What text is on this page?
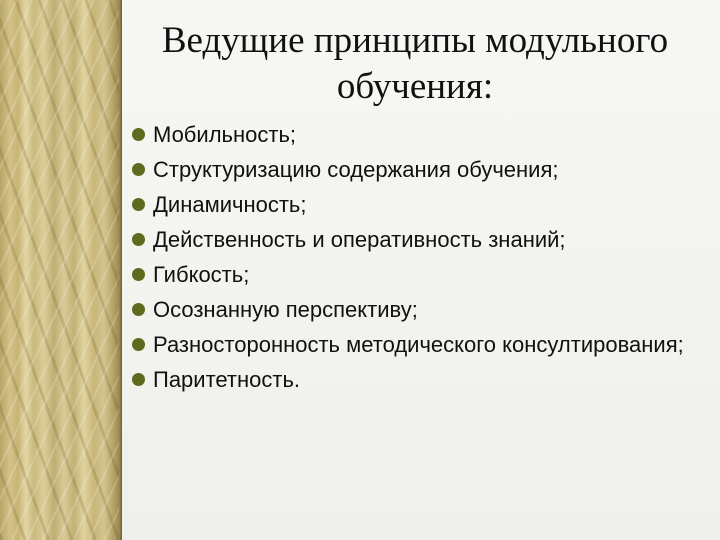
Ведущие принципы модульного
обучения:
Мобильность;
Структуризацию содержания обучения;
Динамичность;
Действенность и оперативность знаний;
Гибкость;
Осознанную перспективу;
Разносторонность методического консултирования;
Паритетность.
